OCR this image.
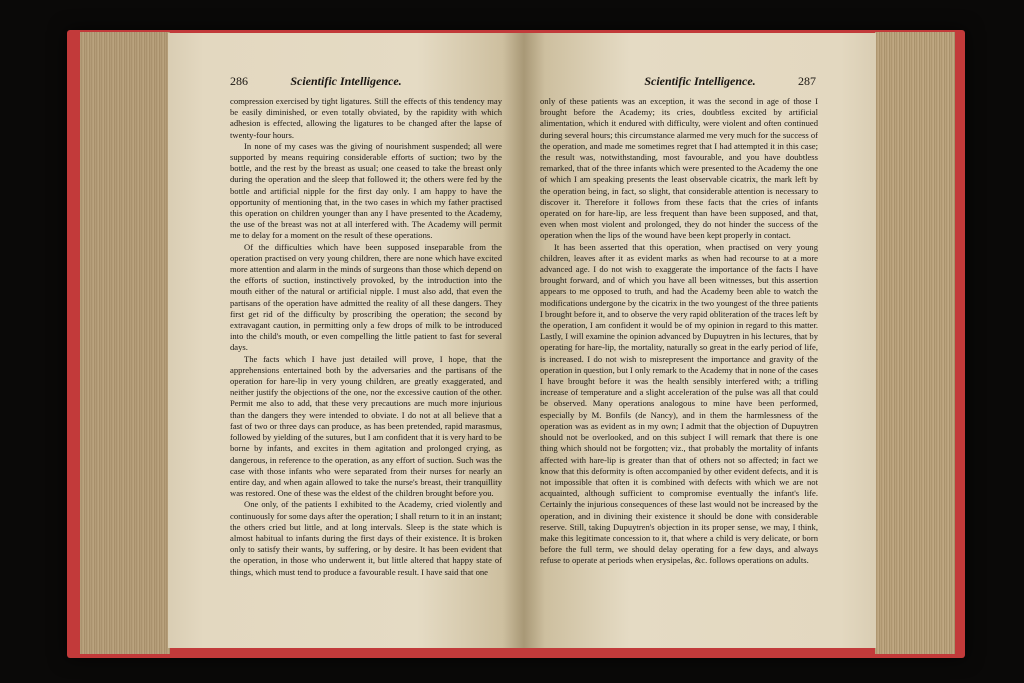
286	Scientific Intelligence.

compression exercised by tight ligatures. Still the effects of this tendency may be easily diminished, or even totally obviated, by the rapidity with which adhesion is effected, allowing the ligatures to be changed after the lapse of twenty-four hours.

In none of my cases was the giving of nourishment suspended; all were supported by means requiring considerable efforts of suction; two by the bottle, and the rest by the breast as usual; one ceased to take the breast only during the operation and the sleep that followed it; the others were fed by the bottle and artificial nipple for the first day only. I am happy to have the opportunity of mentioning that, in the two cases in which my father practised this operation on children younger than any I have presented to the Academy, the use of the breast was not at all interfered with. The Academy will permit me to delay for a moment on the result of these operations.

Of the difficulties which have been supposed inseparable from the operation practised on very young children, there are none which have excited more attention and alarm in the minds of surgeons than those which depend on the efforts of suction, instinctively provoked, by the introduction into the mouth either of the natural or artificial nipple. I must also add, that even the partisans of the operation have admitted the reality of all these dangers. They first get rid of the difficulty by proscribing the operation; the second by extravagant caution, in permitting only a few drops of milk to be introduced into the child's mouth, or even compelling the little patient to fast for several days.

The facts which I have just detailed will prove, I hope, that the apprehensions entertained both by the adversaries and the partisans of the operation for hare-lip in very young children, are greatly exaggerated, and neither justify the objections of the one, nor the excessive caution of the other. Permit me also to add, that these very precautions are much more injurious than the dangers they were intended to obviate. I do not at all believe that a fast of two or three days can produce, as has been pretended, rapid marasmus, followed by yielding of the sutures, but I am confident that it is very hard to be borne by infants, and excites in them agitation and prolonged crying, as dangerous, in reference to the operation, as any effort of suction. Such was the case with those infants who were separated from their nurses for nearly an entire day, and when again allowed to take the nurse's breast, their tranquillity was restored. One of these was the eldest of the children brought before you.

One only, of the patients I exhibited to the Academy, cried violently and continuously for some days after the operation; I shall return to it in an instant; the others cried but little, and at long intervals. Sleep is the state which is almost habitual to infants during the first days of their existence. It is broken only to satisfy their wants, by suffering, or by desire. It has been evident that the operation, in those who underwent it, but little altered that happy state of things, which must tend to produce a favourable result. I have said that one

Scientific Intelligence.	287

only of these patients was an exception, it was the second in age of those I brought before the Academy; its cries, doubtless excited by artificial alimentation, which it endured with difficulty, were violent and often continued during several hours; this circumstance alarmed me very much for the success of the operation, and made me sometimes regret that I had attempted it in this case; the result was, notwithstanding, most favourable, and you have doubtless remarked, that of the three infants which were presented to the Academy the one of which I am speaking presents the least observable cicatrix, the mark left by the operation being, in fact, so slight, that considerable attention is necessary to discover it. Therefore it follows from these facts that the cries of infants operated on for hare-lip, are less frequent than have been supposed, and that, even when most violent and prolonged, they do not hinder the success of the operation when the lips of the wound have been kept properly in contact.

It has been asserted that this operation, when practised on very young children, leaves after it as evident marks as when had recourse to at a more advanced age. I do not wish to exaggerate the importance of the facts I have brought forward, and of which you have all been witnesses, but this assertion appears to me opposed to truth, and had the Academy been able to watch the modifications undergone by the cicatrix in the two youngest of the three patients I brought before it, and to observe the very rapid obliteration of the traces left by the operation, I am confident it would be of my opinion in regard to this matter. Lastly, I will examine the opinion advanced by Dupuytren in his lectures, that by operating for hare-lip, the mortality, naturally so great in the early period of life, is increased. I do not wish to misrepresent the importance and gravity of the operation in question, but I only remark to the Academy that in none of the cases I have brought before it was the health sensibly interfered with; a trifling increase of temperature and a slight acceleration of the pulse was all that could be observed. Many operations analogous to mine have been performed, especially by M. Bonfils (de Nancy), and in them the harmlessness of the operation was as evident as in my own; I admit that the objection of Dupuytren should not be overlooked, and on this subject I will remark that there is one thing which should not be forgotten; viz., that probably the mortality of infants affected with hare-lip is greater than that of others not so affected; in fact we know that this deformity is often accompanied by other evident defects, and it is not impossible that often it is combined with defects with which we are not acquainted, although sufficient to compromise eventually the infant's life. Certainly the injurious consequences of these last would not be increased by the operation, and in divining their existence it should be done with considerable reserve. Still, taking Dupuytren's objection in its proper sense, we may, I think, make this legitimate concession to it, that where a child is very delicate, or born before the full term, we should delay operating for a few days, and always refuse to operate at periods when erysipelas, &c. follows operations on adults.
